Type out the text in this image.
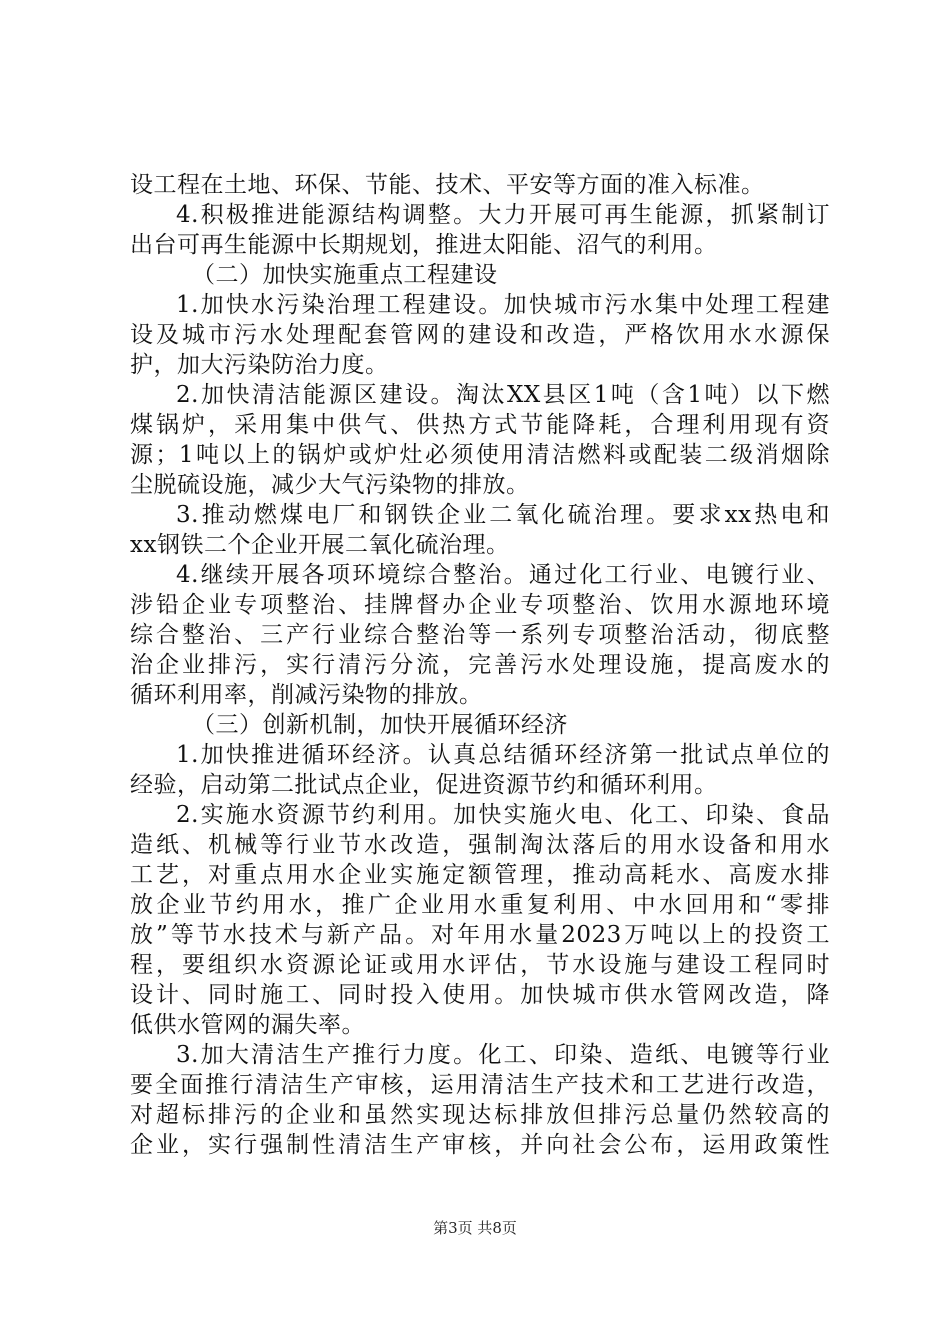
设工程在土地、环保、节能、技术、平安等方面的准入标准。
4.积极推进能源结构调整。大力开展可再生能源，抓紧制订
出台可再生能源中长期规划，推进太阳能、沼气的利用。
（二）加快实施重点工程建设
1.加快水污染治理工程建设。加快城市污水集中处理工程建
设及城市污水处理配套管网的建设和改造，严格饮用水水源保
护，加大污染防治力度。
2.加快清洁能源区建设。淘汰XX县区1吨（含1吨）以下燃
煤锅炉，采用集中供气、供热方式节能降耗，合理利用现有资
源；1吨以上的锅炉或炉灶必须使用清洁燃料或配装二级消烟除
尘脱硫设施，减少大气污染物的排放。
3.推动燃煤电厂和钢铁企业二氧化硫治理。要求xx热电和
xx钢铁二个企业开展二氧化硫治理。
4.继续开展各项环境综合整治。通过化工行业、电镀行业、
涉铅企业专项整治、挂牌督办企业专项整治、饮用水源地环境
综合整治、三产行业综合整治等一系列专项整治活动，彻底整
治企业排污，实行清污分流，完善污水处理设施，提高废水的
循环利用率，削减污染物的排放。
（三）创新机制，加快开展循环经济
1.加快推进循环经济。认真总结循环经济第一批试点单位的
经验，启动第二批试点企业，促进资源节约和循环利用。
2.实施水资源节约利用。加快实施火电、化工、印染、食品
造纸、机械等行业节水改造，强制淘汰落后的用水设备和用水
工艺，对重点用水企业实施定额管理，推动高耗水、高废水排
放企业节约用水，推广企业用水重复利用、中水回用和“零排
放”等节水技术与新产品。对年用水量2023万吨以上的投资工
程，要组织水资源论证或用水评估，节水设施与建设工程同时
设计、同时施工、同时投入使用。加快城市供水管网改造，降
低供水管网的漏失率。
3.加大清洁生产推行力度。化工、印染、造纸、电镀等行业
要全面推行清洁生产审核，运用清洁生产技术和工艺进行改造，
对超标排污的企业和虽然实现达标排放但排污总量仍然较高的
企业，实行强制性清洁生产审核，并向社会公布，运用政策性
第3页 共8页
